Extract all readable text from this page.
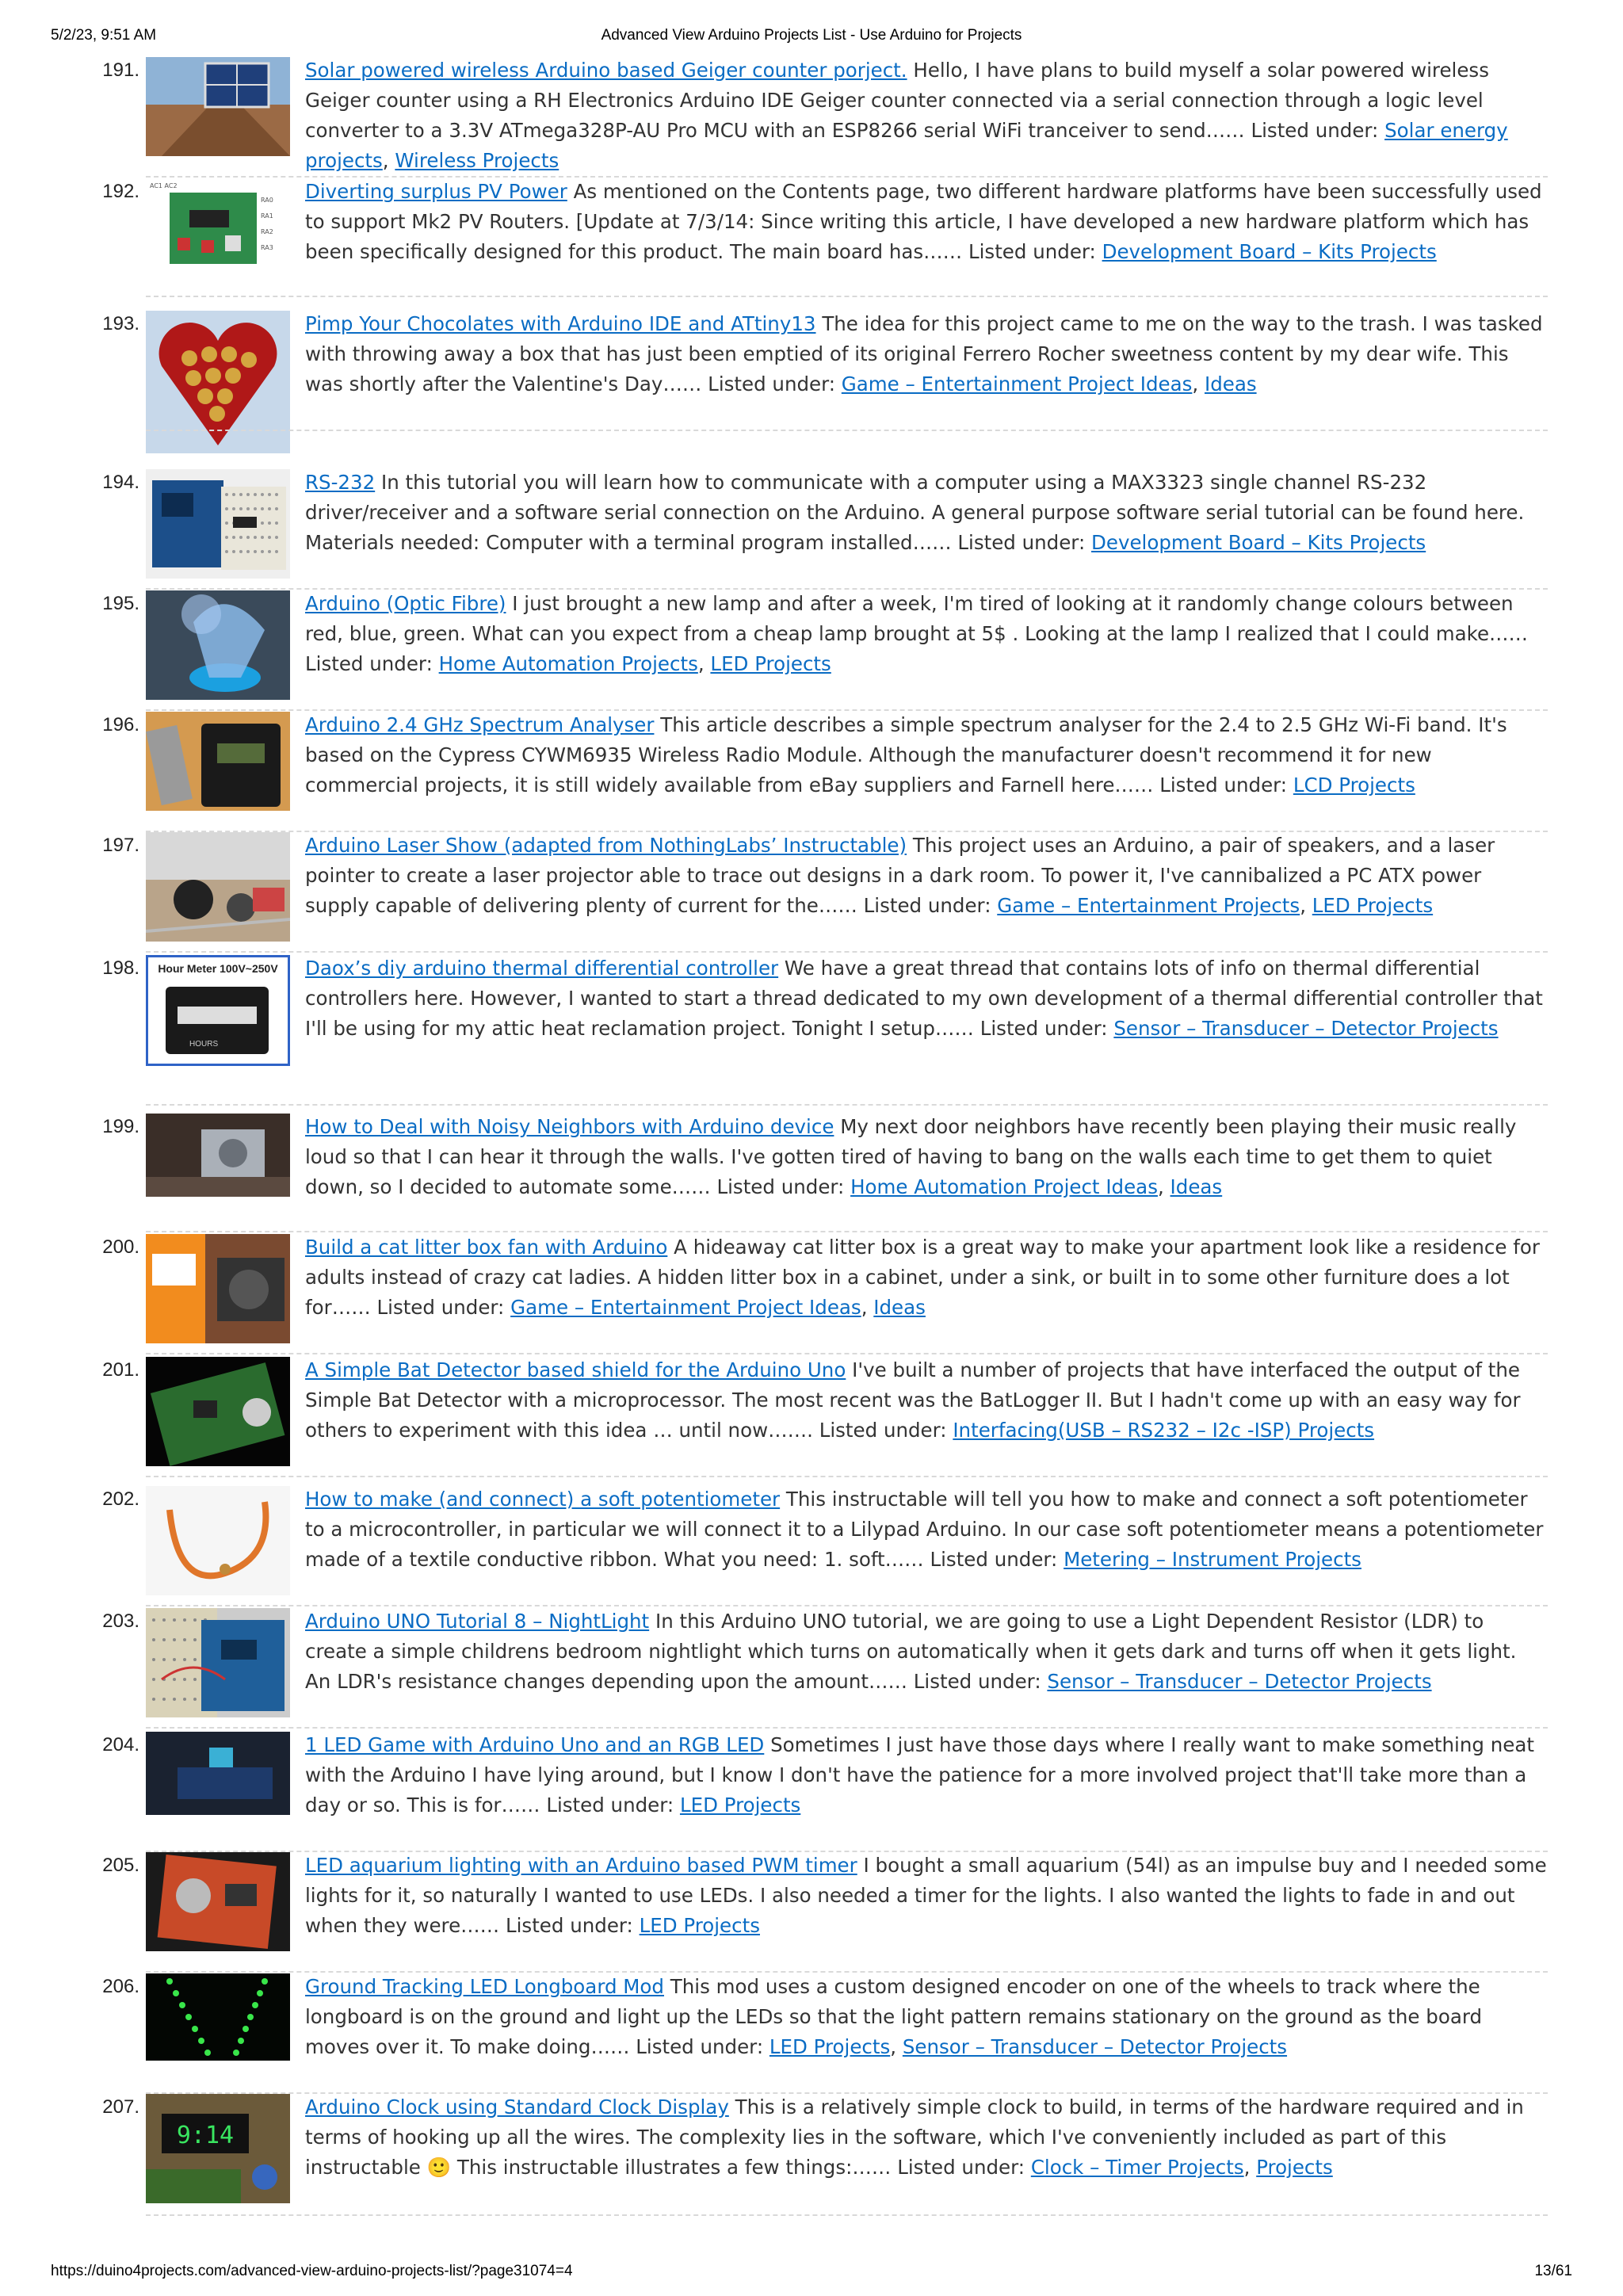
5/2/23, 9:51 AM	Advanced View Arduino Projects List - Use Arduino for Projects
191.	Solar powered wireless Arduino based Geiger counter porject. Hello, I have plans to build myself a solar powered wireless Geiger counter using a RH Electronics Arduino IDE Geiger counter connected via a serial connection through a logic level converter to a 3.3V ATmega328P-AU Pro MCU with an ESP8266 serial WiFi tranceiver to send…… Listed under: Solar energy projects, Wireless Projects
192. AC1 AC2
RA0
RA1
RA2
RA3
Diverting surplus PV Power As mentioned on the Contents page, two different hardware platforms have been successfully used to support Mk2 PV Routers. [Update at 7/3/14: Since writing this article, I have developed a new hardware platform which has been specifically designed for this product. The main board has…… Listed under: Development Board – Kits Projects
193.	Pimp Your Chocolates with Arduino IDE and ATtiny13 The idea for this project came to me on the way to the trash. I was tasked with throwing away a box that has just been emptied of its original Ferrero Rocher sweetness content by my dear wife. This was shortly after the Valentine's Day…… Listed under: Game – Entertainment Project Ideas, Ideas
194.	RS-232 In this tutorial you will learn how to communicate with a computer using a MAX3323 single channel RS-232 driver/receiver and a software serial connection on the Arduino. A general purpose software serial tutorial can be found here. Materials needed: Computer with a terminal program installed…… Listed under: Development Board – Kits Projects
195.	Arduino (Optic Fibre) I just brought a new lamp and after a week, I'm tired of looking at it randomly change colours between red, blue, green. What can you expect from a cheap lamp brought at 5$ . Looking at the lamp I realized that I could make…… Listed under: Home Automation Projects, LED Projects
196.	Arduino 2.4 GHz Spectrum Analyser This article describes a simple spectrum analyser for the 2.4 to 2.5 GHz Wi-Fi band. It's based on the Cypress CYWM6935 Wireless Radio Module. Although the manufacturer doesn't recommend it for new commercial projects, it is still widely available from eBay suppliers and Farnell here…… Listed under: LCD Projects
197.	Arduino Laser Show (adapted from NothingLabs’ Instructable) This project uses an Arduino, a pair of speakers, and a laser pointer to create a laser projector able to trace out designs in a dark room. To power it, I've cannibalized a PC ATX power supply capable of delivering plenty of current for the…… Listed under: Game – Entertainment Projects, LED Projects
198. Hour Meter 100V~250V
HOURS
Daox’s diy arduino thermal differential controller We have a great thread that contains lots of info on thermal differential controllers here. However, I wanted to start a thread dedicated to my own development of a thermal differential controller that I'll be using for my attic heat reclamation project. Tonight I setup…… Listed under: Sensor – Transducer – Detector Projects
199.	How to Deal with Noisy Neighbors with Arduino device My next door neighbors have recently been playing their music really loud so that I can hear it through the walls. I've gotten tired of having to bang on the walls each time to get them to quiet down, so I decided to automate some…… Listed under: Home Automation Project Ideas, Ideas
200.	Build a cat litter box fan with Arduino A hideaway cat litter box is a great way to make your apartment look like a residence for adults instead of crazy cat ladies. A hidden litter box in a cabinet, under a sink, or built in to some other furniture does a lot for…… Listed under: Game – Entertainment Project Ideas, Ideas
201.	A Simple Bat Detector based shield for the Arduino Uno I've built a number of projects that have interfaced the output of the Simple Bat Detector with a microprocessor. The most recent was the BatLogger II. But I hadn't come up with an easy way for others to experiment with this idea … until now……. Listed under: Interfacing(USB – RS232 – I2c -ISP) Projects
202.	How to make (and connect) a soft potentiometer This instructable will tell you how to make and connect a soft potentiometer to a microcontroller, in particular we will connect it to a Lilypad Arduino. In our case soft potentiometer means a potentiometer made of a textile conductive ribbon. What you need: 1. soft…… Listed under: Metering – Instrument Projects
203.	Arduino UNO Tutorial 8 – NightLight In this Arduino UNO tutorial, we are going to use a Light Dependent Resistor (LDR) to create a simple childrens bedroom nightlight which turns on automatically when it gets dark and turns off when it gets light. An LDR's resistance changes depending upon the amount…… Listed under: Sensor – Transducer – Detector Projects
204.	1 LED Game with Arduino Uno and an RGB LED Sometimes I just have those days where I really want to make something neat with the Arduino I have lying around, but I know I don't have the patience for a more involved project that'll take more than a day or so. This is for…… Listed under: LED Projects
205.	LED aquarium lighting with an Arduino based PWM timer I bought a small aquarium (54l) as an impulse buy and I needed some lights for it, so naturally I wanted to use LEDs. I also needed a timer for the lights. I also wanted the lights to fade in and out when they were…… Listed under: LED Projects
206.	Ground Tracking LED Longboard Mod This mod uses a custom designed encoder on one of the wheels to track where the longboard is on the ground and light up the LEDs so that the light pattern remains stationary on the ground as the board moves over it. To make doing…… Listed under: LED Projects, Sensor – Transducer – Detector Projects
207.
9:14
Arduino Clock using Standard Clock Display This is a relatively simple clock to build, in terms of the hardware required and in terms of hooking up all the wires. The complexity lies in the software, which I've conveniently included as part of this instructable 🙂 This instructable illustrates a few things:…… Listed under: Clock – Timer Projects, Projects
https://duino4projects.com/advanced-view-arduino-projects-list/?page31074=4	13/61
